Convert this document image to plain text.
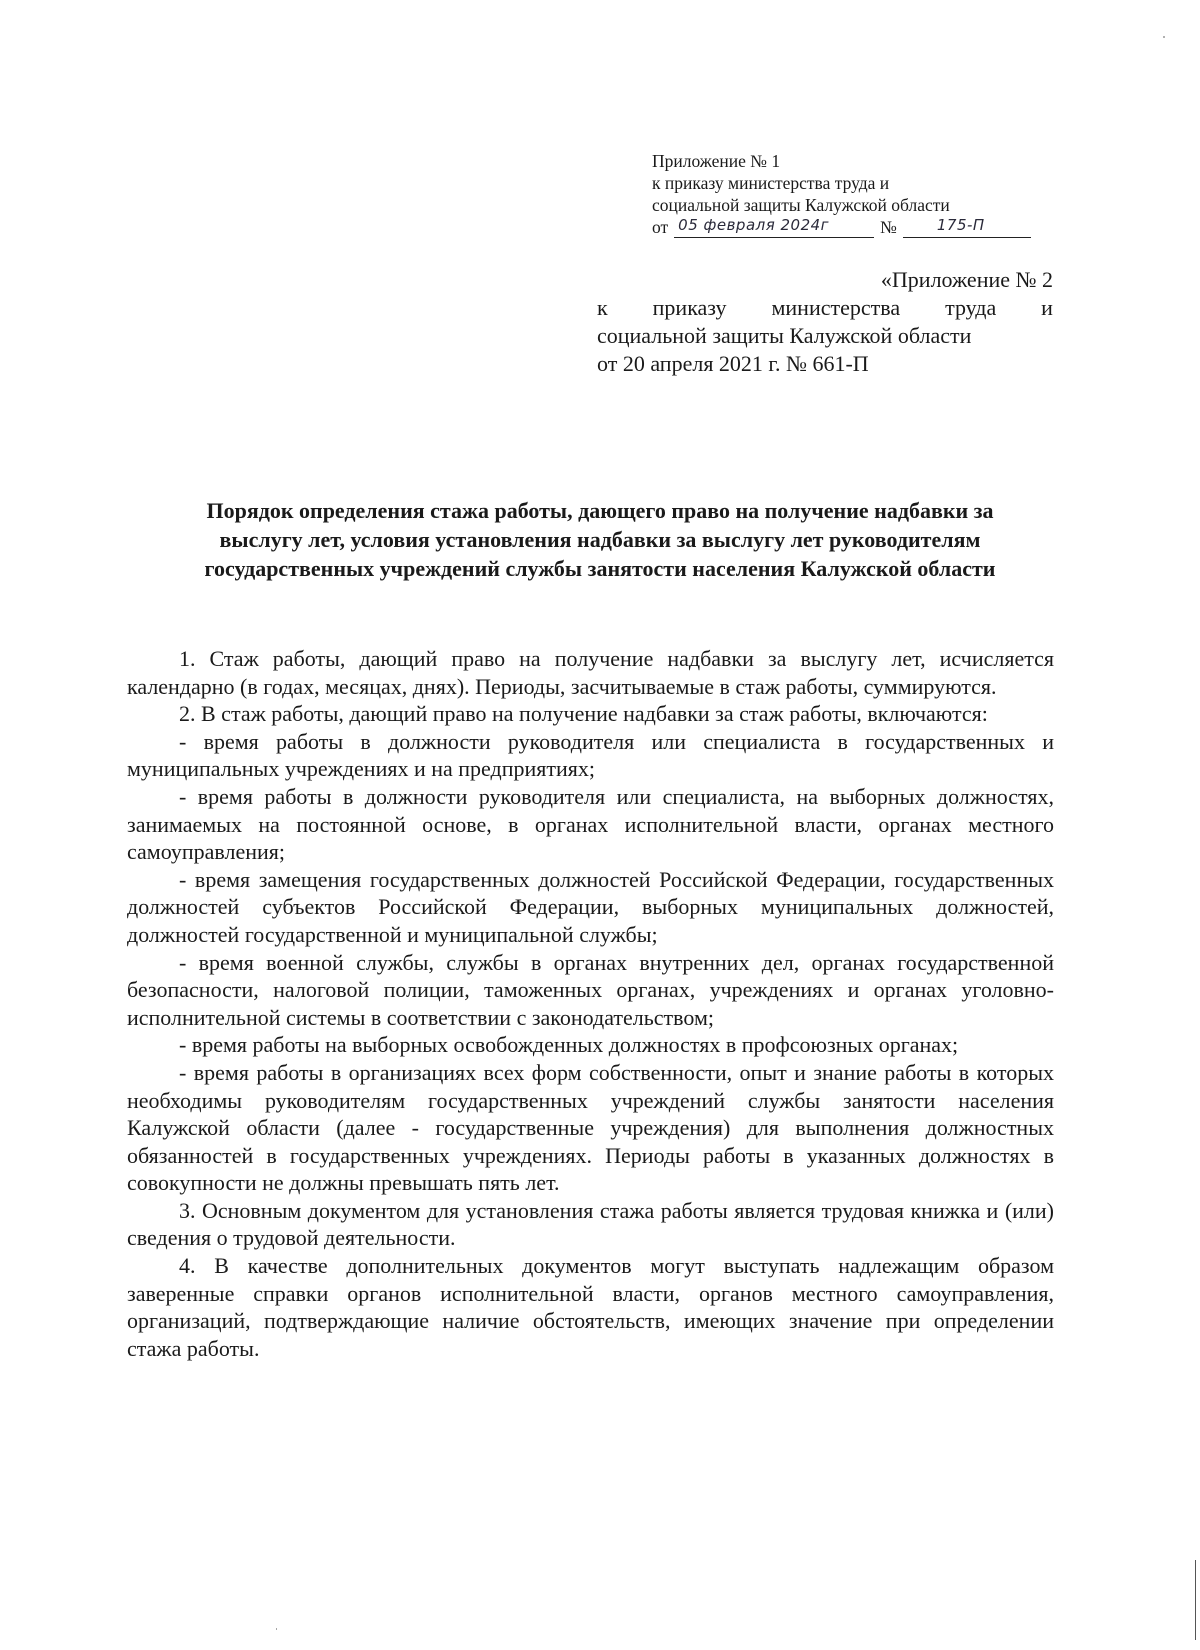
Приложение № 1
к приказу министерства труда и
социальной защиты Калужской области
от 05 февраля 2024г	№	175-П
«Приложение № 2
к приказу министерства труда и
социальной защиты Калужской области
от 20 апреля 2021 г. № 661-П
Порядок определения стажа работы, дающего право на получение надбавки за
выслугу лет, условия установления надбавки за выслугу лет руководителям
государственных учреждений службы занятости населения Калужской области

1. Стаж работы, дающий право на получение надбавки за выслугу лет, исчисляется календарно (в годах, месяцах, днях). Периоды, засчитываемые в стаж работы, суммируются.

2. В стаж работы, дающий право на получение надбавки за стаж работы, включаются:

- время работы в должности руководителя или специалиста в государственных и муниципальных учреждениях и на предприятиях;

- время работы в должности руководителя или специалиста, на выборных должностях, занимаемых на постоянной основе, в органах исполнительной власти, органах местного самоуправления;

- время замещения государственных должностей Российской Федерации, государственных должностей субъектов Российской Федерации, выборных муниципальных должностей, должностей государственной и муниципальной службы;

- время военной службы, службы в органах внутренних дел, органах государственной безопасности, налоговой полиции, таможенных органах, учреждениях и органах уголовно-исполнительной системы в соответствии с законодательством;

- время работы на выборных освобожденных должностях в профсоюзных органах;

- время работы в организациях всех форм собственности, опыт и знание работы в которых необходимы руководителям государственных учреждений службы занятости населения Калужской области (далее - государственные учреждения) для выполнения должностных обязанностей в государственных учреждениях. Периоды работы в указанных должностях в совокупности не должны превышать пять лет.

3. Основным документом для установления стажа работы является трудовая книжка и (или) сведения о трудовой деятельности.

4. В качестве дополнительных документов могут выступать надлежащим образом заверенные справки органов исполнительной власти, органов местного самоуправления, организаций, подтверждающие наличие обстоятельств, имеющих значение при определении стажа работы.
